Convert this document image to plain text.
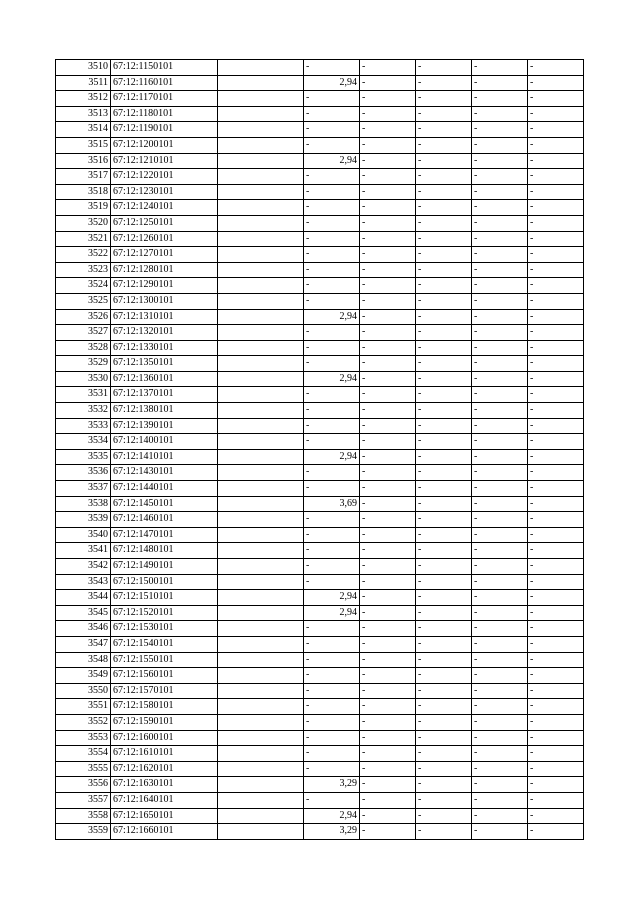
3510	67:12:1150101		-	-	-	-	-
3511	67:12:1160101		2,94	-	-	-	-
3512	67:12:1170101		-	-	-	-	-
3513	67:12:1180101		-	-	-	-	-
3514	67:12:1190101		-	-	-	-	-
3515	67:12:1200101		-	-	-	-	-
3516	67:12:1210101		2,94	-	-	-	-
3517	67:12:1220101		-	-	-	-	-
3518	67:12:1230101		-	-	-	-	-
3519	67:12:1240101		-	-	-	-	-
3520	67:12:1250101		-	-	-	-	-
3521	67:12:1260101		-	-	-	-	-
3522	67:12:1270101		-	-	-	-	-
3523	67:12:1280101		-	-	-	-	-
3524	67:12:1290101		-	-	-	-	-
3525	67:12:1300101		-	-	-	-	-
3526	67:12:1310101		2,94	-	-	-	-
3527	67:12:1320101		-	-	-	-	-
3528	67:12:1330101		-	-	-	-	-
3529	67:12:1350101		-	-	-	-	-
3530	67:12:1360101		2,94	-	-	-	-
3531	67:12:1370101		-	-	-	-	-
3532	67:12:1380101		-	-	-	-	-
3533	67:12:1390101		-	-	-	-	-
3534	67:12:1400101		-	-	-	-	-
3535	67:12:1410101		2,94	-	-	-	-
3536	67:12:1430101		-	-	-	-	-
3537	67:12:1440101		-	-	-	-	-
3538	67:12:1450101		3,69	-	-	-	-
3539	67:12:1460101		-	-	-	-	-
3540	67:12:1470101		-	-	-	-	-
3541	67:12:1480101		-	-	-	-	-
3542	67:12:1490101		-	-	-	-	-
3543	67:12:1500101		-	-	-	-	-
3544	67:12:1510101		2,94	-	-	-	-
3545	67:12:1520101		2,94	-	-	-	-
3546	67:12:1530101		-	-	-	-	-
3547	67:12:1540101		-	-	-	-	-
3548	67:12:1550101		-	-	-	-	-
3549	67:12:1560101		-	-	-	-	-
3550	67:12:1570101		-	-	-	-	-
3551	67:12:1580101		-	-	-	-	-
3552	67:12:1590101		-	-	-	-	-
3553	67:12:1600101		-	-	-	-	-
3554	67:12:1610101		-	-	-	-	-
3555	67:12:1620101		-	-	-	-	-
3556	67:12:1630101		3,29	-	-	-	-
3557	67:12:1640101		-	-	-	-	-
3558	67:12:1650101		2,94	-	-	-	-
3559	67:12:1660101		3,29	-	-	-	-
